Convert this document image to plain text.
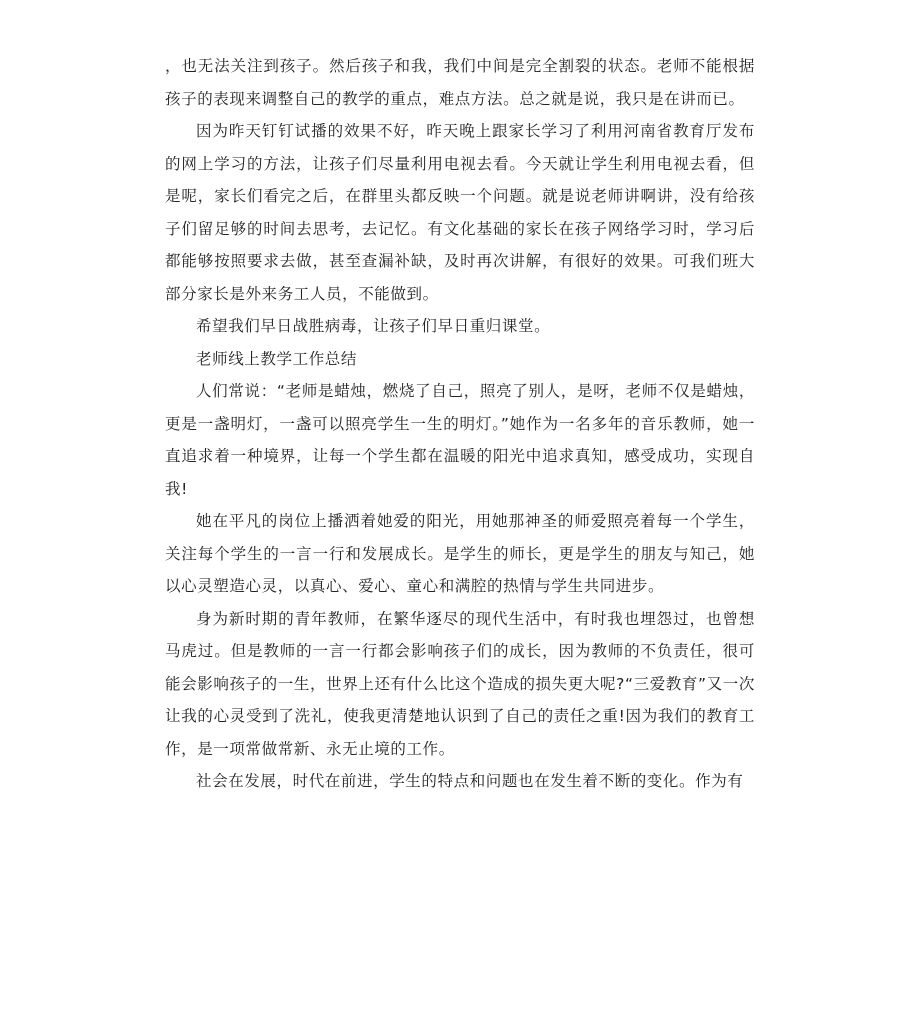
，也无法关注到孩子。然后孩子和我，我们中间是完全割裂的状态。老师不能根据孩子的表现来调整自己的教学的重点，难点方法。总之就是说，我只是在讲而已。

因为昨天钉钉试播的效果不好，昨天晚上跟家长学习了利用河南省教育厅发布的网上学习的方法，让孩子们尽量利用电视去看。今天就让学生利用电视去看，但是呢，家长们看完之后，在群里头都反映一个问题。就是说老师讲啊讲，没有给孩子们留足够的时间去思考，去记忆。有文化基础的家长在孩子网络学习时，学习后都能够按照要求去做，甚至查漏补缺，及时再次讲解，有很好的效果。可我们班大部分家长是外来务工人员，不能做到。

希望我们早日战胜病毒，让孩子们早日重归课堂。

老师线上教学工作总结

人们常说：“老师是蜡烛，燃烧了自己，照亮了别人，是呀，老师不仅是蜡烛，更是一盏明灯，一盏可以照亮学生一生的明灯。”她作为一名多年的音乐教师，她一直追求着一种境界，让每一个学生都在温暖的阳光中追求真知，感受成功，实现自我!

她在平凡的岗位上播洒着她爱的阳光，用她那神圣的师爱照亮着每一个学生，关注每个学生的一言一行和发展成长。是学生的师长，更是学生的朋友与知己，她以心灵塑造心灵，以真心、爱心、童心和满腔的热情与学生共同进步。

身为新时期的青年教师，在繁华逐尽的现代生活中，有时我也埋怨过，也曾想马虎过。但是教师的一言一行都会影响孩子们的成长，因为教师的不负责任，很可能会影响孩子的一生，世界上还有什么比这个造成的损失更大呢?“三爱教育”又一次让我的心灵受到了洗礼，使我更清楚地认识到了自己的责任之重!因为我们的教育工作，是一项常做常新、永无止境的工作。

社会在发展，时代在前进，学生的特点和问题也在发生着不断的变化。作为有
